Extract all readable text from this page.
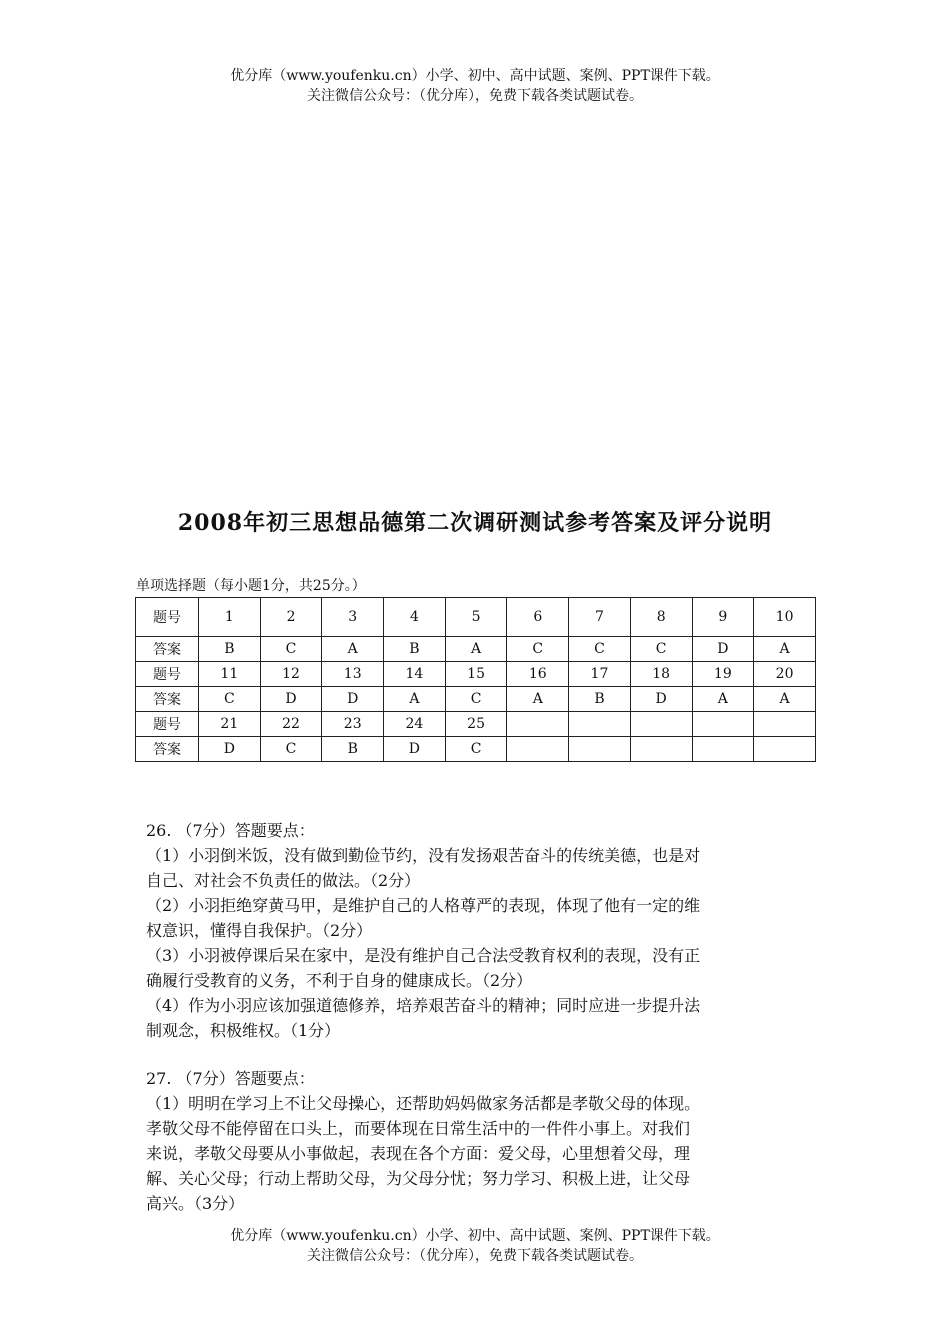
优分库（www.youfenku.cn）小学、初中、高中试题、案例、PPT课件下载。
关注微信公众号：（优分库），免费下载各类试题试卷。
2008年初三思想品德第二次调研测试参考答案及评分说明
单项选择题（每小题1分，共25分。）
题号	1	2	3	4	5	6	7	8	9	10
答案	B	C	A	B	A	C	C	C	D	A
题号	11	12	13	14	15	16	17	18	19	20
答案	C	D	D	A	C	A	B	D	A	A
题号	21	22	23	24	25					
答案	D	C	B	D	C					
26. （7分）答题要点：
（1）小羽倒米饭，没有做到勤俭节约，没有发扬艰苦奋斗的传统美德，也是对
自己、对社会不负责任的做法。（2分）
（2）小羽拒绝穿黄马甲，是维护自己的人格尊严的表现，体现了他有一定的维
权意识，懂得自我保护。（2分）
（3）小羽被停课后呆在家中，是没有维护自己合法受教育权利的表现，没有正
确履行受教育的义务，不利于自身的健康成长。（2分）
（4）作为小羽应该加强道德修养，培养艰苦奋斗的精神；同时应进一步提升法
制观念，积极维权。（1分）
27. （7分）答题要点：
（1）明明在学习上不让父母操心，还帮助妈妈做家务活都是孝敬父母的体现。
孝敬父母不能停留在口头上，而要体现在日常生活中的一件件小事上。对我们
来说，孝敬父母要从小事做起，表现在各个方面：爱父母，心里想着父母，理
解、关心父母；行动上帮助父母，为父母分忧；努力学习、积极上进，让父母
高兴。（3分）
优分库（www.youfenku.cn）小学、初中、高中试题、案例、PPT课件下载。
关注微信公众号：（优分库），免费下载各类试题试卷。
